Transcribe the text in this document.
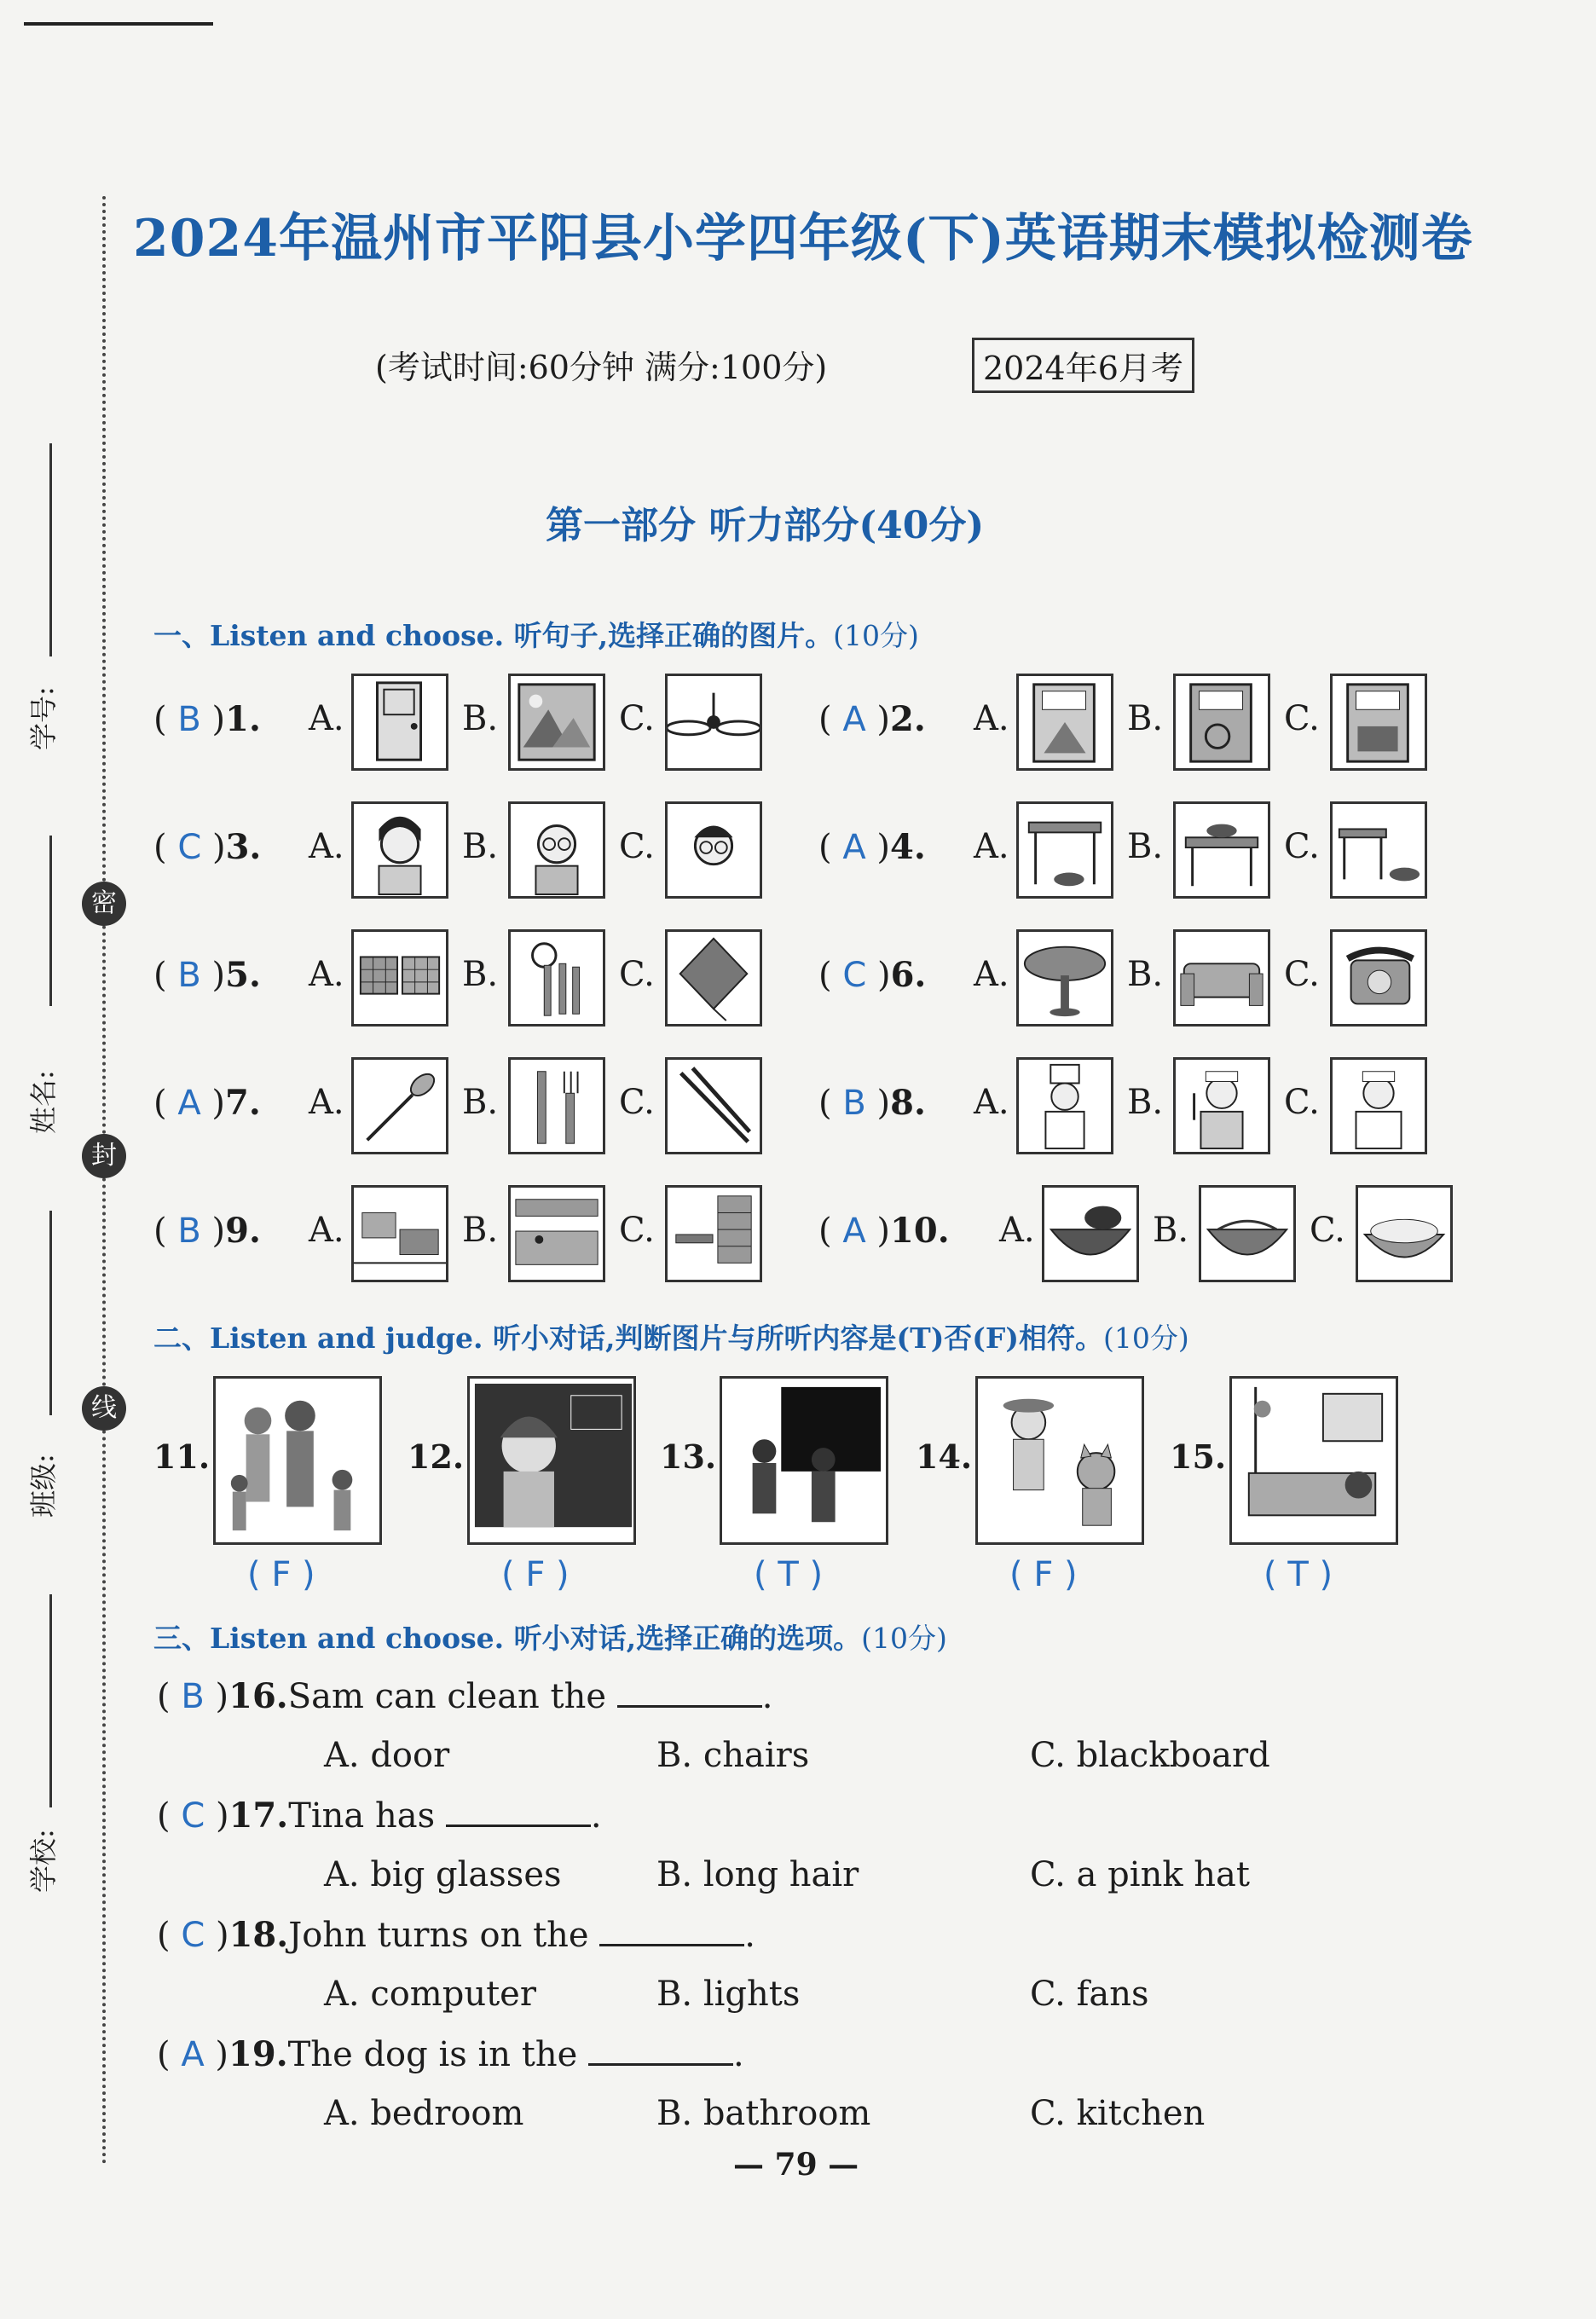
密
封
线
学号:
姓名:
班级:
学校:
2024年温州市平阳县小学四年级(下)英语期末模拟检测卷
(考试时间:60分钟 满分:100分)	2024年6月考
第一部分 听力部分(40分)
一、Listen and choose. 听句子,选择正确的图片。(10分)
( B )1. A.	B.	C.	( A )2. A.	B.	C.
( C )3. A.	B.	C.	( A )4. A.	B.	C.
( B )5. A.	B.	C.	( C )6. A.	B.	C.
( A )7. A.	B.	C.	( B )8. A.	B.	C.
( B )9. A.	B.	C.	( A )10. A.	B.	C.
二、Listen and judge. 听小对话,判断图片与所听内容是(T)否(F)相符。(10分)
11.
( F )
12.
( F )
13.
( T )
14.
( F )
15.
( T )
三、Listen and choose. 听小对话,选择正确的选项。(10分)
( B )16.Sam can clean the	.
A. door	B. chairs	C. blackboard
( C )17.Tina has	.
A. big glasses	B. long hair	C. a pink hat
( C )18.John turns on the	.
A. computer	B. lights	C. fans
( A )19.The dog is in the	.
A. bedroom	B. bathroom	C. kitchen
— 79 —
